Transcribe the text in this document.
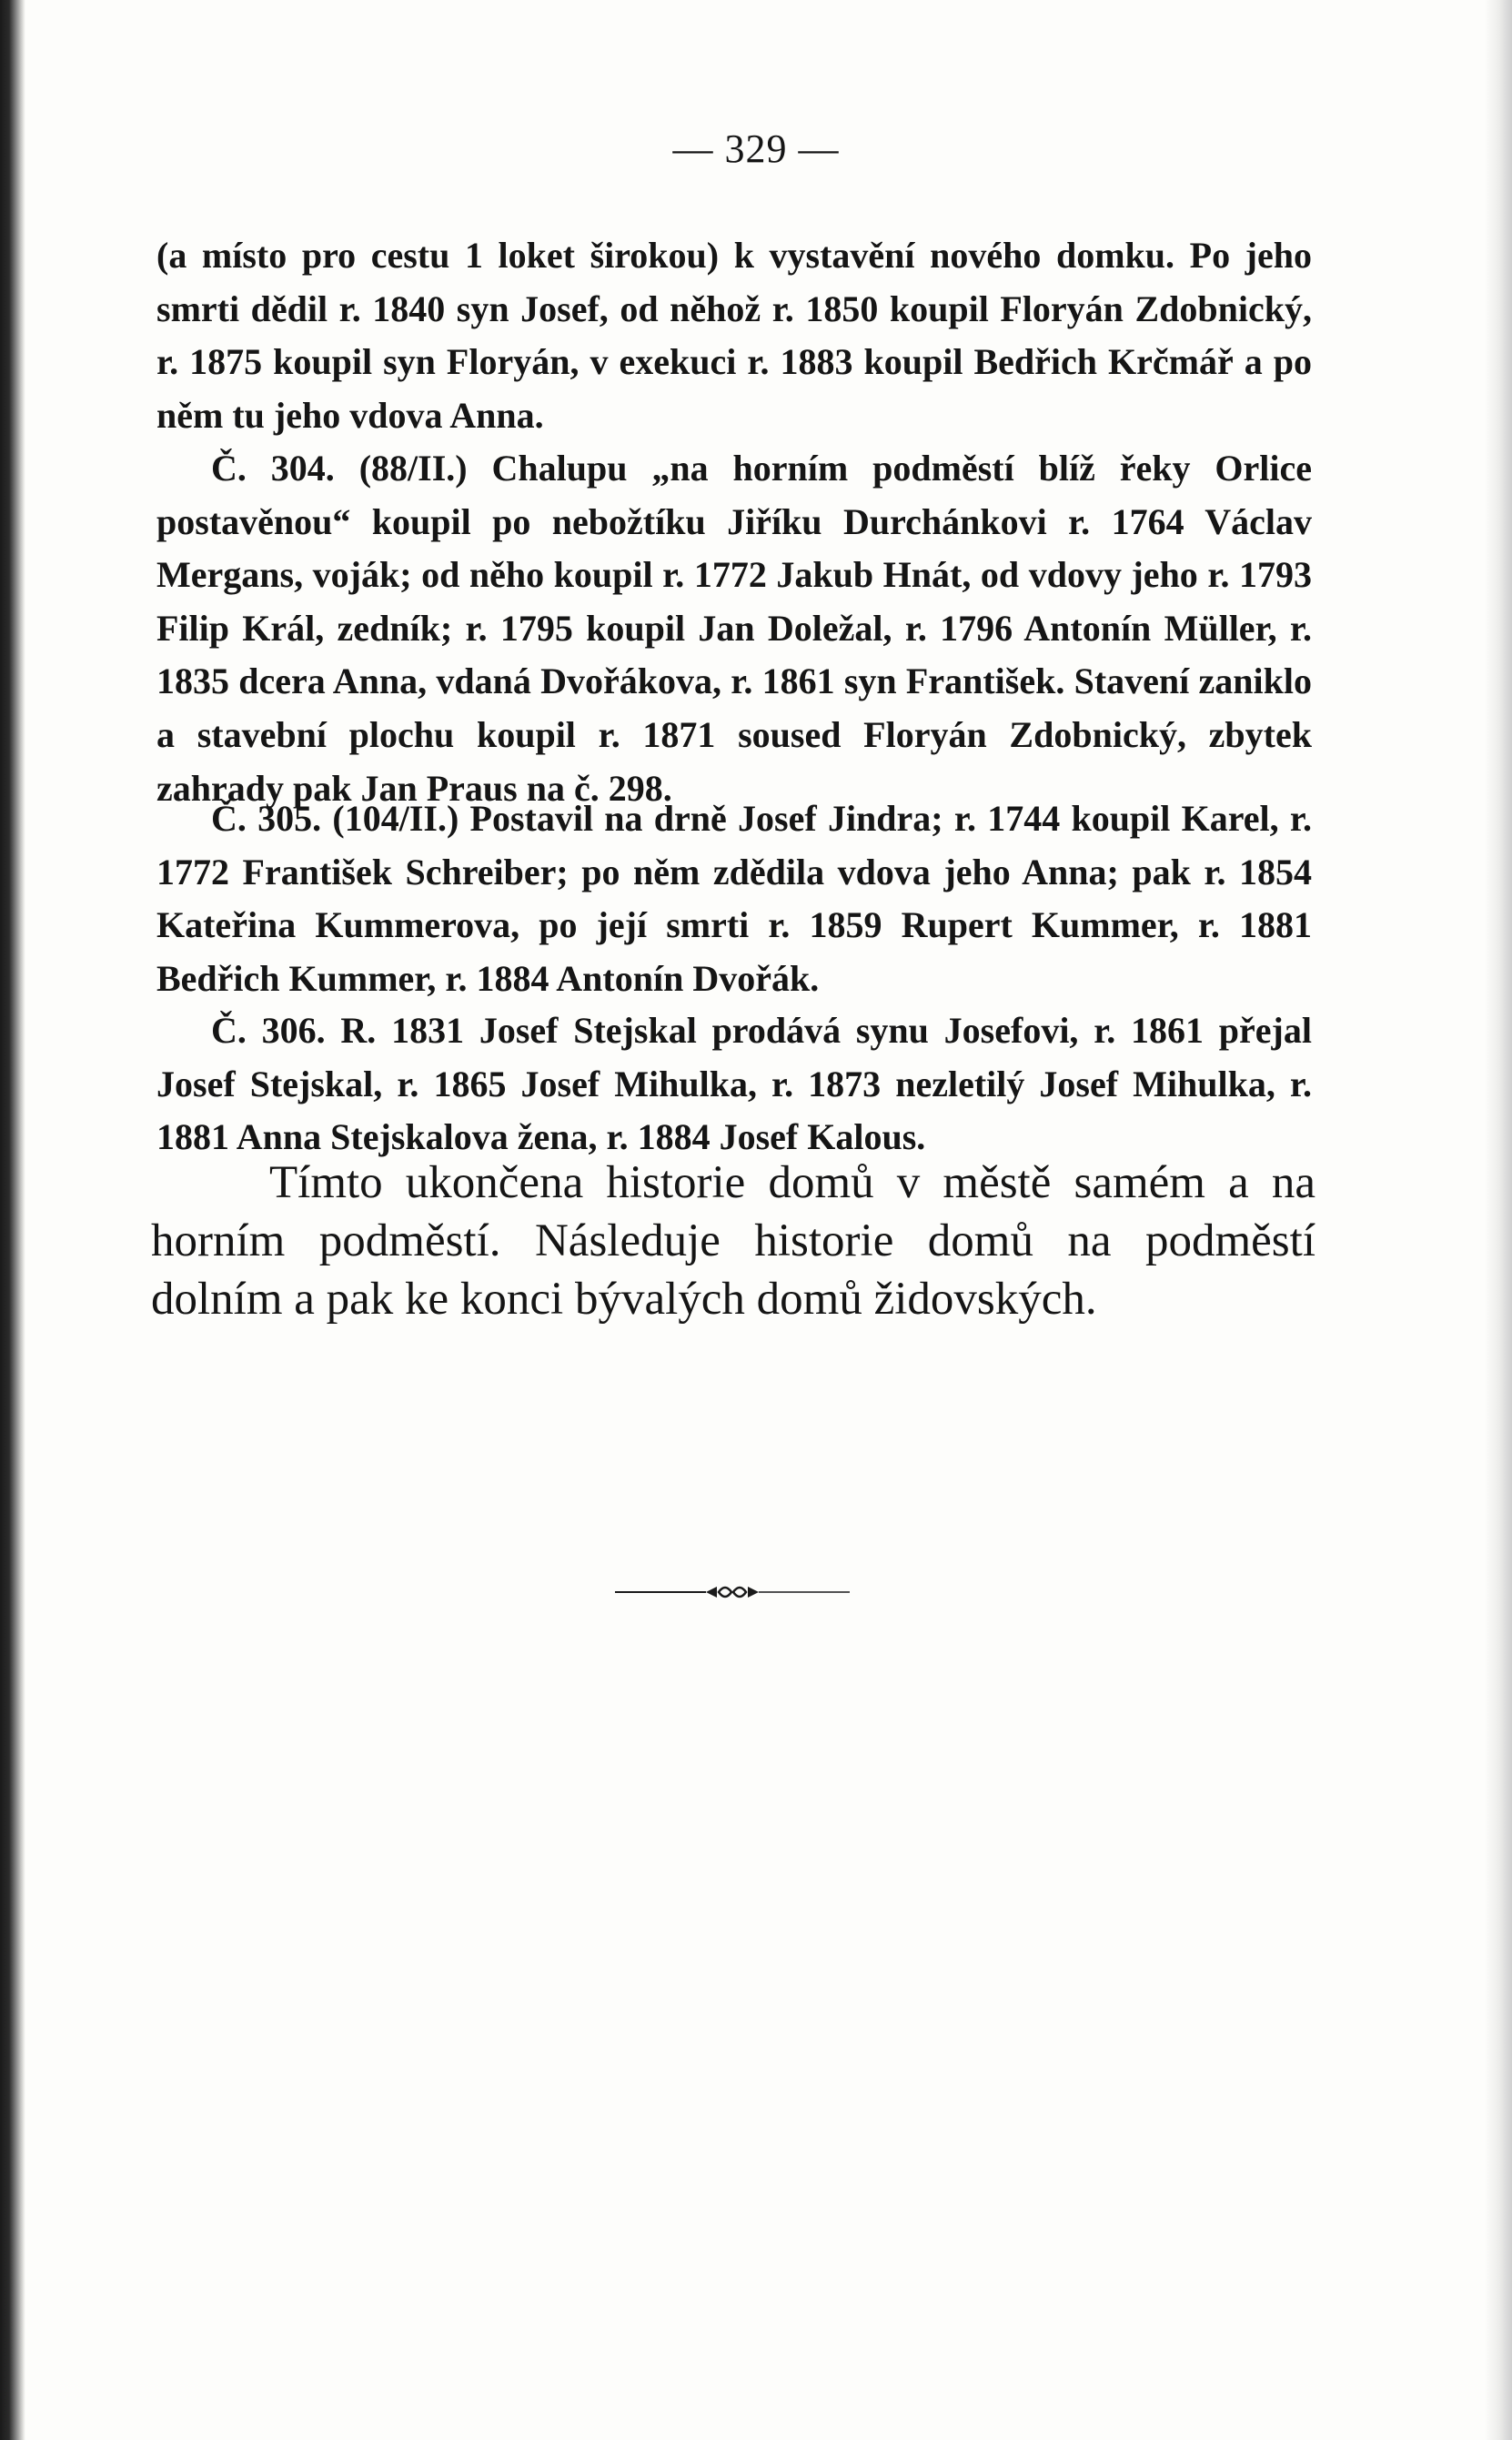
— 329 —

(a místo pro cestu 1 loket širokou) k vystavění nového domku. Po jeho smrti dědil r. 1840 syn Josef, od něhož r. 1850 koupil Floryán Zdobnický, r. 1875 koupil syn Floryán, v exekuci r. 1883 koupil Bedřich Krčmář a po něm tu jeho vdova Anna.

Č. 304. (88/II.) Chalupu „na horním podměstí blíž řeky Orlice postavěnou“ koupil po nebožtíku Jiříku Durchánkovi r. 1764 Václav Mergans, voják; od něho koupil r. 1772 Jakub Hnát, od vdovy jeho r. 1793 Filip Král, zedník; r. 1795 koupil Jan Doležal, r. 1796 Antonín Müller, r. 1835 dcera Anna, vdaná Dvořákova, r. 1861 syn František. Stavení zaniklo a stavební plochu koupil r. 1871 soused Floryán Zdobnický, zbytek zahrady pak Jan Praus na č. 298.

Č. 305. (104/II.) Postavil na drně Josef Jindra; r. 1744 koupil Karel, r. 1772 František Schreiber; po něm zdědila vdova jeho Anna; pak r. 1854 Kateřina Kummerova, po její smrti r. 1859 Rupert Kummer, r. 1881 Bedřich Kummer, r. 1884 Antonín Dvořák.

Č. 306. R. 1831 Josef Stejskal prodává synu Josefovi, r. 1861 přejal Josef Stejskal, r. 1865 Josef Mihulka, r. 1873 nezletilý Josef Mihulka, r. 1881 Anna Stejskalova žena, r. 1884 Josef Kalous.

Tímto ukončena historie domů v městě samém a na horním podměstí. Následuje historie domů na podměstí dolním a pak ke konci bývalých domů židovských.
